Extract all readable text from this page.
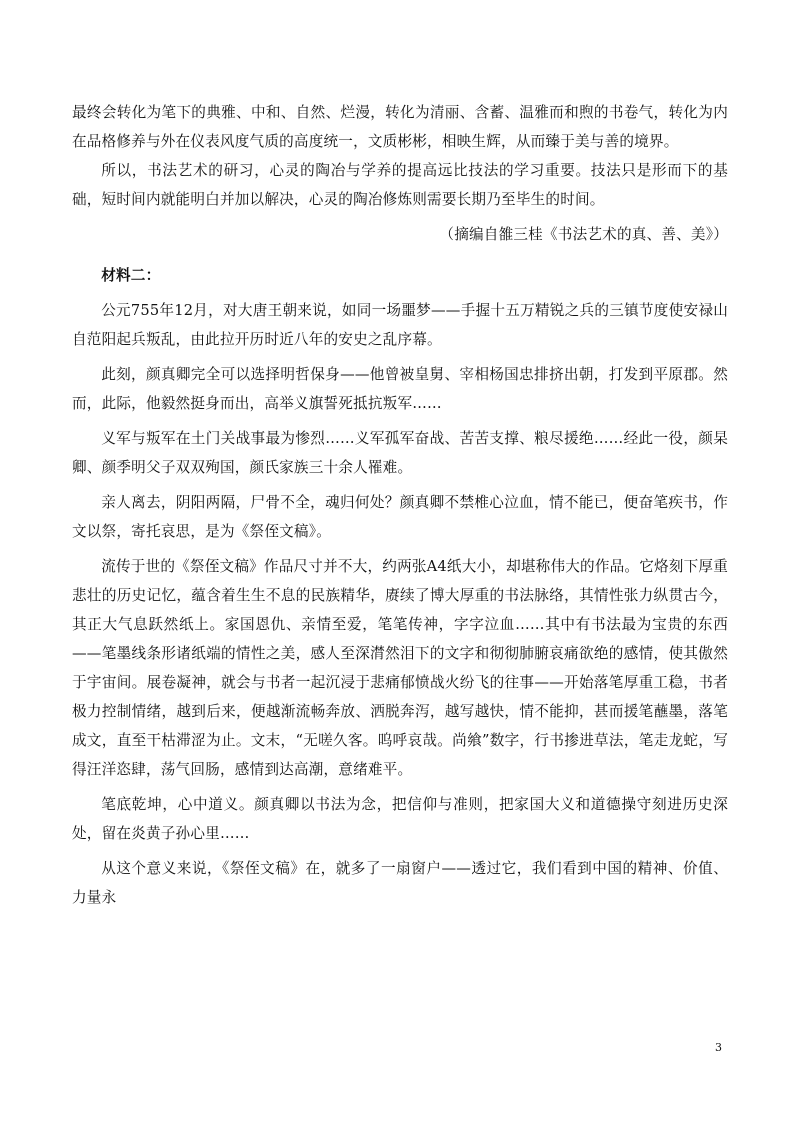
最终会转化为笔下的典雅、中和、自然、烂漫，转化为清丽、含蓄、温雅而和煦的书卷气，转化为内在品格修养与外在仪表风度气质的高度统一，文质彬彬，相映生辉，从而臻于美与善的境界。

所以，书法艺术的研习，心灵的陶冶与学养的提高远比技法的学习重要。技法只是形而下的基础，短时间内就能明白并加以解决，心灵的陶冶修炼则需要长期乃至毕生的时间。

（摘编自雒三桂《书法艺术的真、善、美》）

材料二：

公元755年12月，对大唐王朝来说，如同一场噩梦——手握十五万精锐之兵的三镇节度使安禄山自范阳起兵叛乱，由此拉开历时近八年的安史之乱序幕。

此刻，颜真卿完全可以选择明哲保身——他曾被皇舅、宰相杨国忠排挤出朝，打发到平原郡。然而，此际，他毅然挺身而出，高举义旗誓死抵抗叛军……

义军与叛军在土门关战事最为惨烈……义军孤军奋战、苦苦支撑、粮尽援绝……经此一役，颜杲卿、颜季明父子双双殉国，颜氏家族三十余人罹难。

亲人离去，阴阳两隔，尸骨不全，魂归何处？颜真卿不禁椎心泣血，情不能已，便奋笔疾书，作文以祭，寄托哀思，是为《祭侄文稿》。

流传于世的《祭侄文稿》作品尺寸并不大，约两张A4纸大小，却堪称伟大的作品。它烙刻下厚重悲壮的历史记忆，蕴含着生生不息的民族精华，赓续了博大厚重的书法脉络，其情性张力纵贯古今，其正大气息跃然纸上。家国恩仇、亲情至爱，笔笔传神，字字泣血……其中有书法最为宝贵的东西——笔墨线条形诸纸端的情性之美，感人至深潸然泪下的文字和彻彻肺腑哀痛欲绝的感情，使其傲然于宇宙间。展卷凝神，就会与书者一起沉浸于悲痛郁愤战火纷飞的往事——开始落笔厚重工稳，书者极力控制情绪，越到后来，便越渐流畅奔放、洒脱奔泻，越写越快，情不能抑，甚而援笔蘸墨，落笔成文，直至干枯滞涩为止。文末，“无嗟久客。呜呼哀哉。尚飨”数字，行书掺进草法，笔走龙蛇，写得汪洋恣肆，荡气回肠，感情到达高潮，意绪难平。

笔底乾坤，心中道义。颜真卿以书法为念，把信仰与准则，把家国大义和道德操守刻进历史深处，留在炎黄子孙心里……

从这个意义来说，《祭侄文稿》在，就多了一扇窗户——透过它，我们看到中国的精神、价值、力量永

3
